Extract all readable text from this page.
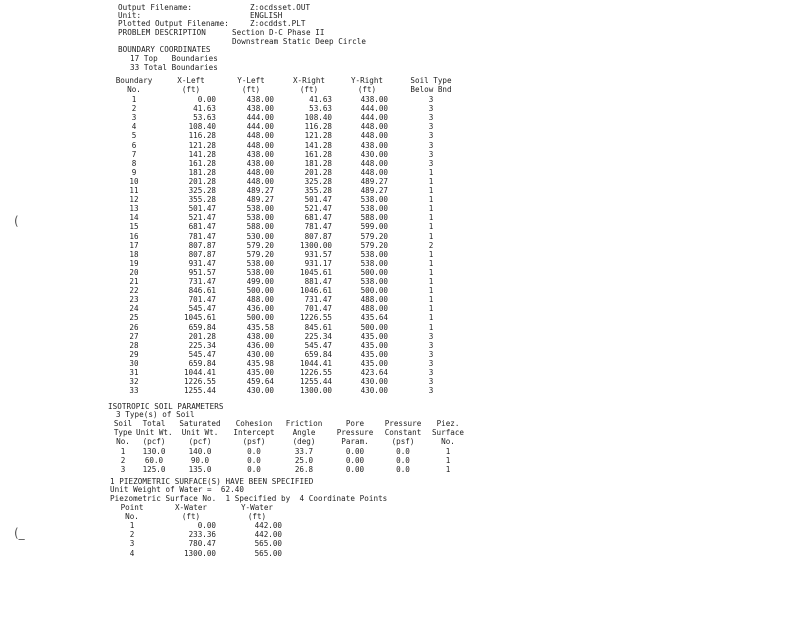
Output Filename:	Z:ocdsset.OUT
Unit:	ENGLISH
Plotted Output Filename:	Z:ocddst.PLT
PROBLEM DESCRIPTION	Section D-C Phase II
Downstream Static Deep Circle
BOUNDARY COORDINATES
17 Top   Boundaries
33 Total Boundaries
Boundary	X-Left	Y-Left	X-Right	Y-Right	Soil Type
No.	(ft)	(ft)	(ft)	(ft)	Below Bnd
1	0.00	438.00	41.63	438.00	3
2	41.63	438.00	53.63	444.00	3
3	53.63	444.00	108.40	444.00	3
4	108.40	444.00	116.28	448.00	3
5	116.28	448.00	121.28	448.00	3
6	121.28	448.00	141.28	438.00	3
7	141.28	438.00	161.28	430.00	3
8	161.28	438.00	181.28	448.00	3
9	181.28	448.00	201.28	448.00	1
10	201.28	448.00	325.28	489.27	1
11	325.28	489.27	355.28	489.27	1
12	355.28	489.27	501.47	538.00	1
13	501.47	538.00	521.47	538.00	1
14	521.47	538.00	681.47	588.00	1
15	681.47	588.00	781.47	599.00	1
16	781.47	530.00	807.87	579.20	1
17	807.87	579.20	1300.00	579.20	2
18	807.87	579.20	931.57	538.00	1
19	931.47	538.00	931.17	538.00	1
20	951.57	538.00	1045.61	500.00	1
21	731.47	499.00	881.47	538.00	1
22	846.61	500.00	1046.61	500.00	1
23	701.47	488.00	731.47	488.00	1
24	545.47	436.00	701.47	488.00	1
25	1045.61	500.00	1226.55	435.64	1
26	659.84	435.58	845.61	500.00	1
27	201.28	438.00	225.34	435.00	3
28	225.34	436.00	545.47	435.00	3
29	545.47	430.00	659.84	435.00	3
30	659.84	435.98	1044.41	435.00	3
31	1044.41	435.00	1226.55	423.64	3
32	1226.55	459.64	1255.44	430.00	3
33	1255.44	430.00	1300.00	430.00	3
ISOTROPIC SOIL PARAMETERS
3 Type(s) of Soil
Soil	Total	Saturated	Cohesion	Friction	Pore	Pressure	Piez.
Type Unit Wt.	Unit Wt.	Intercept	Angle	Pressure	Constant	Surface
No.	(pcf)	(pcf)	(psf)	(deg)	Param.	(psf)	No.
1	130.0	140.0	0.0	33.7	0.00	0.0	1
2	60.0	90.0	0.0	25.0	0.00	0.0	1
3	125.0	135.0	0.0	26.8	0.00	0.0	1
1 PIEZOMETRIC SURFACE(S) HAVE BEEN SPECIFIED
Unit Weight of Water =  62.40
Piezometric Surface No.  1 Specified by  4 Coordinate Points
Point	X-Water	Y-Water
No.	(ft)	(ft)
1	0.00	442.00
2	233.36	442.00
3	780.47	565.00
4	1300.00	565.00
(
(_
